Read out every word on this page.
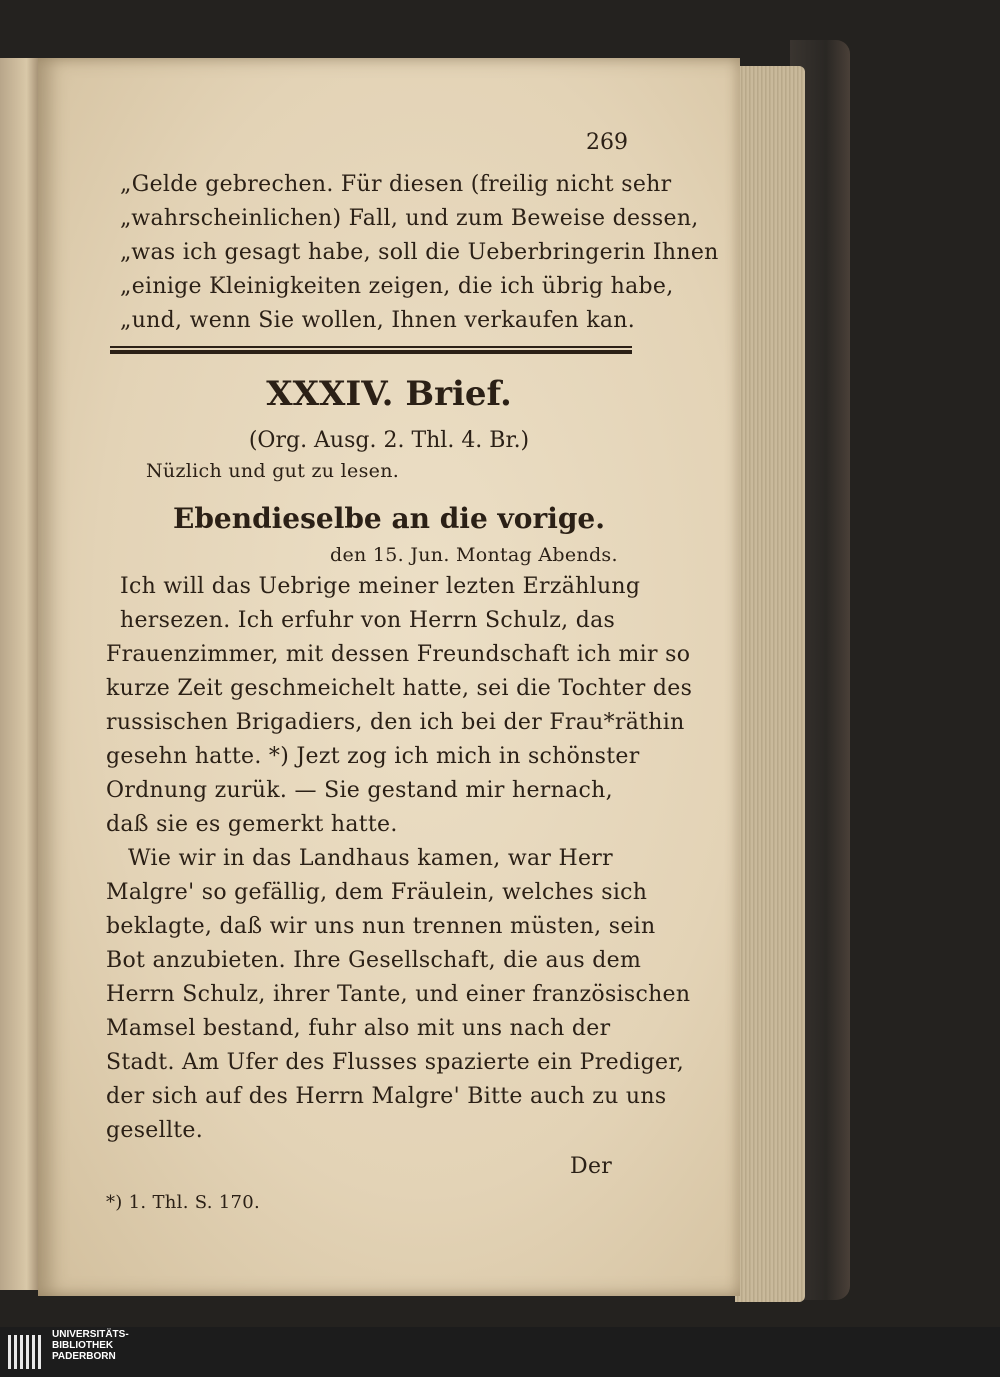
269
„Gelde gebrechen. Für diesen (freilig nicht sehr
„wahrscheinlichen) Fall, und zum Beweise dessen,
„was ich gesagt habe, soll die Ueberbringerin Ihnen
„einige Kleinigkeiten zeigen, die ich übrig habe,
„und, wenn Sie wollen, Ihnen verkaufen kan.
XXXIV. Brief.
(Org. Ausg. 2. Thl. 4. Br.)
Nüzlich und gut zu lesen.
Ebendieselbe an die vorige.
den 15. Jun. Montag Abends.
Ich will das Uebrige meiner lezten Erzählung
hersezen. Ich erfuhr von Herrn Schulz, das
Frauenzimmer, mit dessen Freundschaft ich mir so
kurze Zeit geschmeichelt hatte, sei die Tochter des
russischen Brigadiers, den ich bei der Frau*räthin
gesehn hatte. *) Jezt zog ich mich in schönster
Ordnung zurük. — Sie gestand mir hernach,
daß sie es gemerkt hatte.
Wie wir in das Landhaus kamen, war Herr
Malgre' so gefällig, dem Fräulein, welches sich
beklagte, daß wir uns nun trennen müsten, sein
Bot anzubieten. Ihre Gesellschaft, die aus dem
Herrn Schulz, ihrer Tante, und einer französischen
Mamsel bestand, fuhr also mit uns nach der
Stadt. Am Ufer des Flusses spazierte ein Prediger,
der sich auf des Herrn Malgre' Bitte auch zu uns
gesellte.
Der
*) 1. Thl. S. 170.
UNIVERSITÄTS-
BIBLIOTHEK
PADERBORN
